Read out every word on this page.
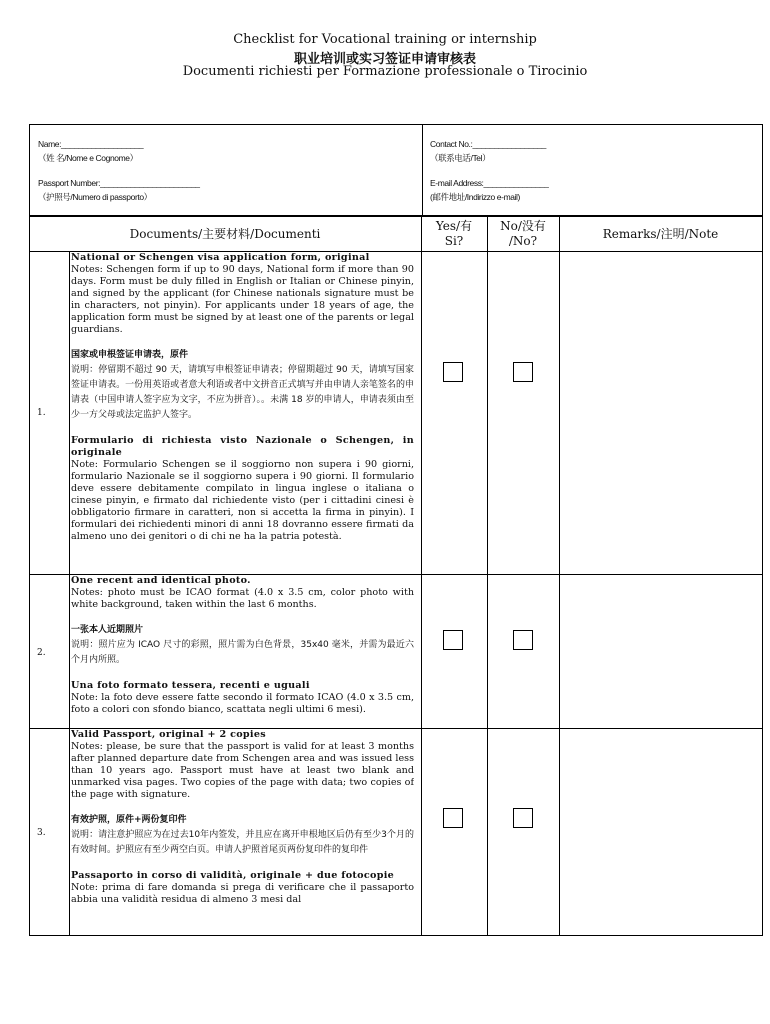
Checklist for Vocational training or internship
职业培训或实习签证申请审核表
Documenti richiesti per Formazione professionale o Tirocinio
Name:___________________
（姓 名/Nome e Cognome）
Passport Number:_______________________
（护照号/Numero di passporto）
Contact No.:_________________
（联系电话/Tel）
E-mail Address:_______________
(邮件地址/Indirizzo e-mail)
Documents/主要材料/Documenti
Yes/有
Si?
No/没有
/No?	Remarks/注明/Note
1.

National or Schengen visa application form, original

Notes: Schengen form if up to 90 days, National form if more than 90 days. Form must be duly filled in English or Italian or Chinese pinyin, and signed by the applicant (for Chinese nationals signature must be in characters, not pinyin). For applicants under 18 years of age, the application form must be signed by at least one of the parents or legal guardians.

国家或申根签证申请表，原件

说明：停留期不超过 90 天，请填写申根签证申请表；停留期超过 90 天，请填写国家签证申请表。一份用英语或者意大利语或者中文拼音正式填写并由申请人亲笔签名的申请表（中国申请人签字应为文字，不应为拼音）。。未满 18 岁的申请人，申请表须由至少一方父母或法定监护人签字。

Formulario di richiesta visto Nazionale o Schengen, in originale

Note: Formulario Schengen se il soggiorno non supera i 90 giorni, formulario Nazionale se il soggiorno supera i 90 giorni. Il formulario deve essere debitamente compilato in lingua inglese o italiana o cinese pinyin, e firmato dal richiedente visto (per i cittadini cinesi è obbligatorio firmare in caratteri, non si accetta la firma in pinyin). I formulari dei richiedenti minori di anni 18 dovranno essere firmati da almeno uno dei genitori o di chi ne ha la patria potestà.

2.

One recent and identical photo.

Notes: photo must be ICAO format (4.0 x 3.5 cm, color photo with white background, taken within the last 6 months.

一张本人近期照片

说明：照片应为 ICAO 尺寸的彩照，照片需为白色背景，35x40 毫米，并需为最近六个月内所照。

Una foto formato tessera, recenti e uguali

Note: la foto deve essere fatte secondo il formato ICAO (4.0 x 3.5 cm, foto a colori con sfondo bianco, scattata negli ultimi 6 mesi).

3.

Valid Passport, original + 2 copies

Notes: please, be sure that the passport is valid for at least 3 months after planned departure date from Schengen area and was issued less than 10 years ago. Passport must have at least two blank and unmarked visa pages. Two copies of the page with data; two copies of the page with signature.

有效护照，原件+两份复印件

说明：请注意护照应为在过去10年内签发，并且应在离开申根地区后仍有至少3个月的有效时间。护照应有至少两空白页。申请人护照首尾页两份复印件的复印件

Passaporto in corso di validità, originale + due fotocopie

Note: prima di fare domanda si prega di verificare che il passaporto abbia una validità residua di almeno 3 mesi dal
